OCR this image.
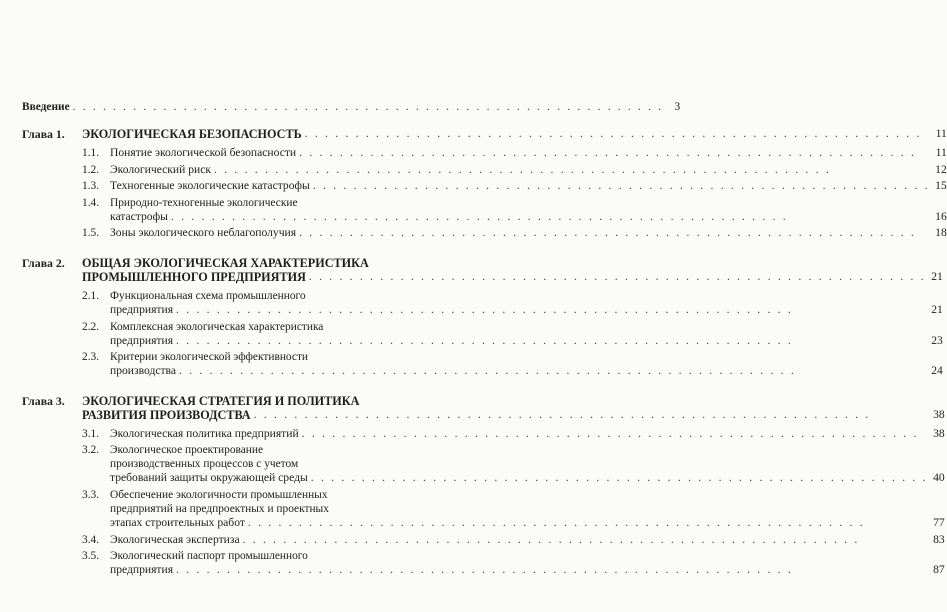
Введение . . . . . . . . . . . . . . . . . . . . . . . . . . . . . . . . . . . . . . . . . . . . . . . . . . . . . . . . . . . 3
Глава 1.	ЭКОЛОГИЧЕСКАЯ БЕЗОПАСНОСТЬ . . . . . . . . . . . . . . . . . . . . . . . . . . . . . . . . . . . . . . . . . . . . . . . . . . . . . . . . . . . . .	11
1.1. Понятие экологической безопасности . . . . . . . . . . . . . . . . . . . . . . . . . . . . . . . . . . . . . . . . . . . . . . . . . . . . . . . . . . . . .	11
1.2. Экологический риск . . . . . . . . . . . . . . . . . . . . . . . . . . . . . . . . . . . . . . . . . . . . . . . . . . . . . . . . . . . . .	12
1.3. Техногенные экологические катастрофы . . . . . . . . . . . . . . . . . . . . . . . . . . . . . . . . . . . . . . . . . . . . . . . . . . . . . . . . . . . . . 15
1.4. Природно-техногенные экологические
катастрофы . . . . . . . . . . . . . . . . . . . . . . . . . . . . . . . . . . . . . . . . . . . . . . . . . . . . . . . . . . . . .	16
1.5. Зоны экологического неблагополучия . . . . . . . . . . . . . . . . . . . . . . . . . . . . . . . . . . . . . . . . . . . . . . . . . . . . . . . . . . . . .	18
Глава 2.	ОБЩАЯ ЭКОЛОГИЧЕСКАЯ ХАРАКТЕРИСТИКА
ПРОМЫШЛЕННОГО ПРЕДПРИЯТИЯ . . . . . . . . . . . . . . . . . . . . . . . . . . . . . . . . . . . . . . . . . . . . . . . . . . . . . . . . . . . . . 21
2.1. Функциональная схема промышленного
предприятия . . . . . . . . . . . . . . . . . . . . . . . . . . . . . . . . . . . . . . . . . . . . . . . . . . . . . . . . . . . . .	21
2.2. Комплексная экологическая характеристика
предприятия . . . . . . . . . . . . . . . . . . . . . . . . . . . . . . . . . . . . . . . . . . . . . . . . . . . . . . . . . . . . .	23
2.3. Критерии экологической эффективности
производства . . . . . . . . . . . . . . . . . . . . . . . . . . . . . . . . . . . . . . . . . . . . . . . . . . . . . . . . . . . . .	24
Глава 3.	ЭКОЛОГИЧЕСКАЯ СТРАТЕГИЯ И ПОЛИТИКА
РАЗВИТИЯ ПРОИЗВОДСТВА . . . . . . . . . . . . . . . . . . . . . . . . . . . . . . . . . . . . . . . . . . . . . . . . . . . . . . . . . . . . .	38
3.1. Экологическая политика предприятий . . . . . . . . . . . . . . . . . . . . . . . . . . . . . . . . . . . . . . . . . . . . . . . . . . . . . . . . . . . . .	38
3.2. Экологическое проектирование
производственных процессов с учетом
требований защиты окружающей среды . . . . . . . . . . . . . . . . . . . . . . . . . . . . . . . . . . . . . . . . . . . . . . . . . . . . . . . . . . . . . 40
3.3. Обеспечение экологичности промышленных
предприятий на предпроектных и проектных
этапах строительных работ . . . . . . . . . . . . . . . . . . . . . . . . . . . . . . . . . . . . . . . . . . . . . . . . . . . . . . . . . . . . .	77
3.4. Экологическая экспертиза . . . . . . . . . . . . . . . . . . . . . . . . . . . . . . . . . . . . . . . . . . . . . . . . . . . . . . . . . . . . .	83
3.5. Экологический паспорт промышленного
предприятия . . . . . . . . . . . . . . . . . . . . . . . . . . . . . . . . . . . . . . . . . . . . . . . . . . . . . . . . . . . . .	87
